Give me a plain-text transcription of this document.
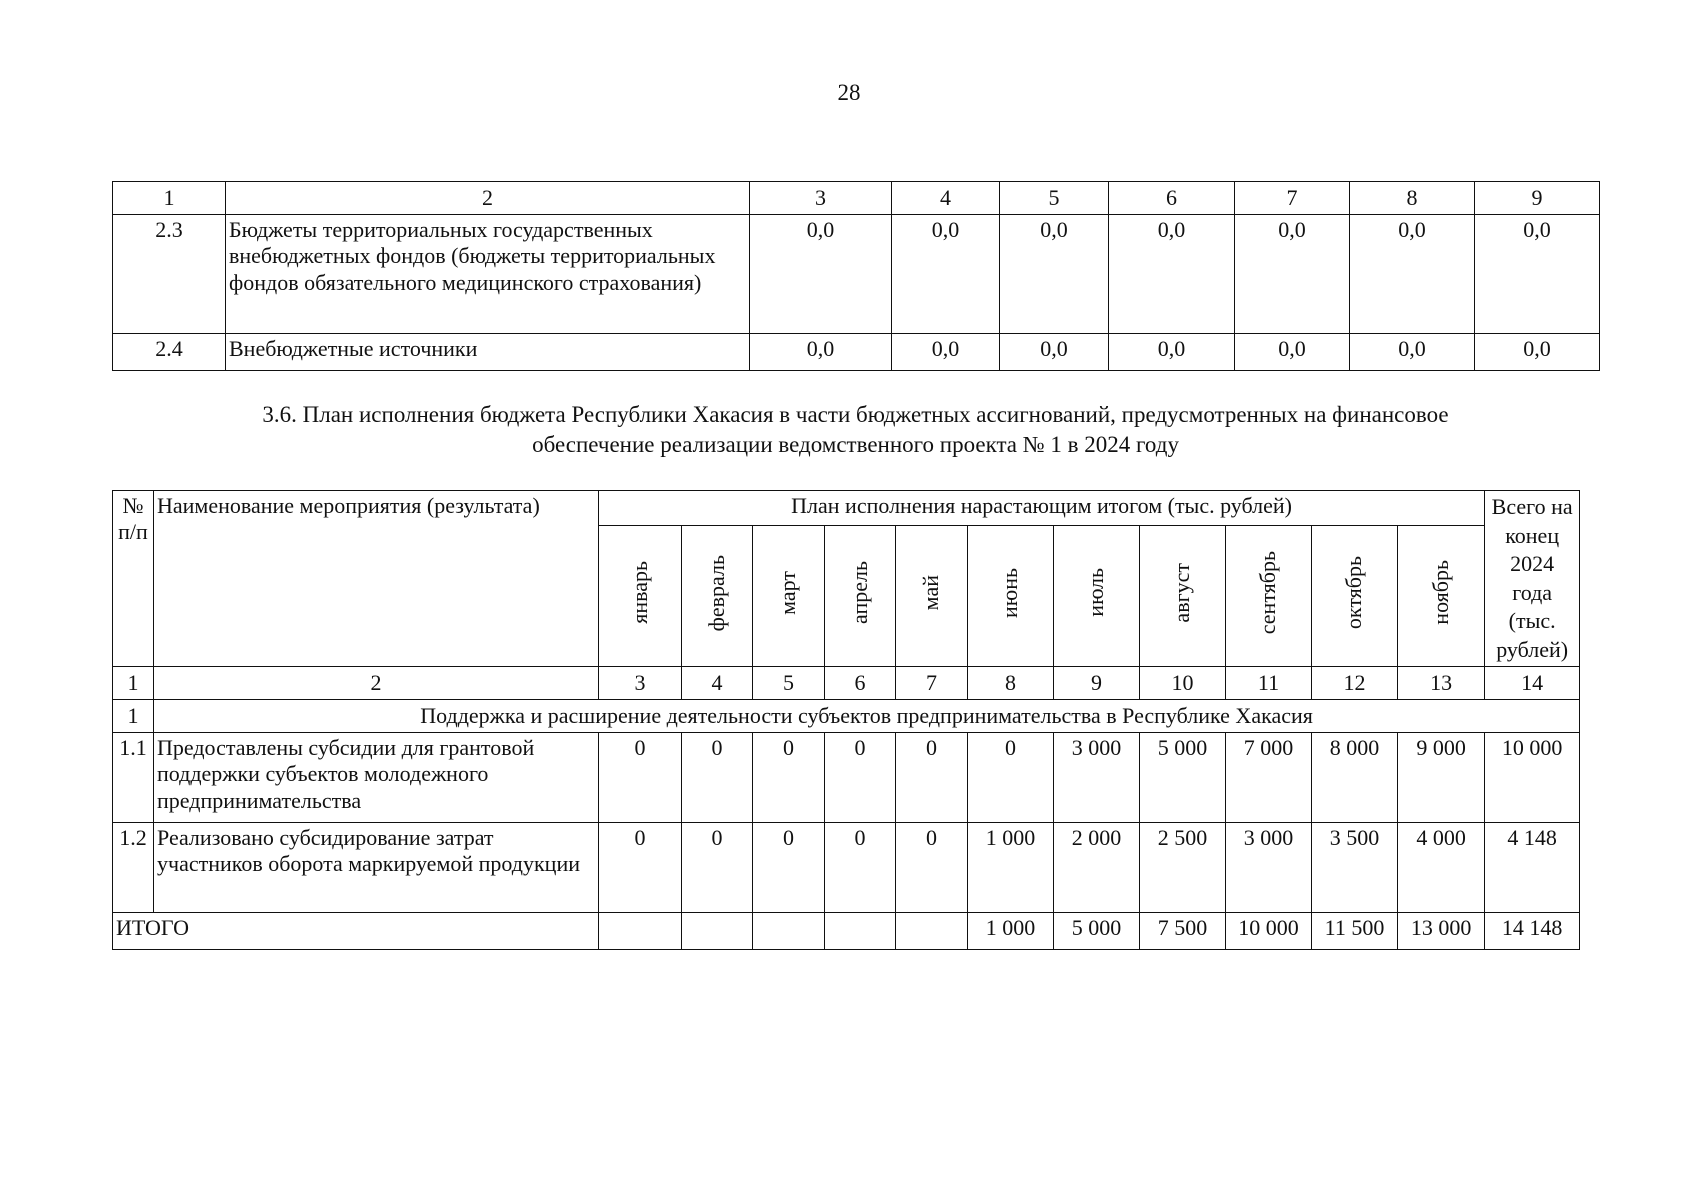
28
1	2	3	4	5	6	7	8	9
2.3	Бюджеты территориальных государственных внебюджетных фондов (бюджеты территориальных фондов обязательного медицинского страхования)	0,0	0,0	0,0	0,0	0,0	0,0	0,0
2.4	Внебюджетные источники	0,0	0,0	0,0	0,0	0,0	0,0	0,0
3.6. План исполнения бюджета Республики Хакасия в части бюджетных ассигнований, предусмотренных на финансовое
обеспечение реализации ведомственного проекта № 1 в 2024 году
№ п/п	Наименование мероприятия (результата)	План исполнения нарастающим итогом (тыс. рублей)											Всего на конец 2024 года (тыс. рублей)
		январь	февраль	март	апрель	май	июнь	июль	август	сентябрь	октябрь	ноябрь	
1	2	3	4	5	6	7	8	9	10	11	12	13	14
1	Поддержка и расширение деятельности субъектов предпринимательства в Республике Хакасия												
1.1	Предоставлены субсидии для грантовой поддержки субъектов молодежного предпринимательства	0	0	0	0	0	0	3 000	5 000	7 000	8 000	9 000	10 000
1.2	Реализовано субсидирование затрат участников оборота маркируемой продукции	0	0	0	0	0	1 000	2 000	2 500	3 000	3 500	4 000	4 148
ИТОГО							1 000	5 000	7 500	10 000	11 500	13 000	14 148
